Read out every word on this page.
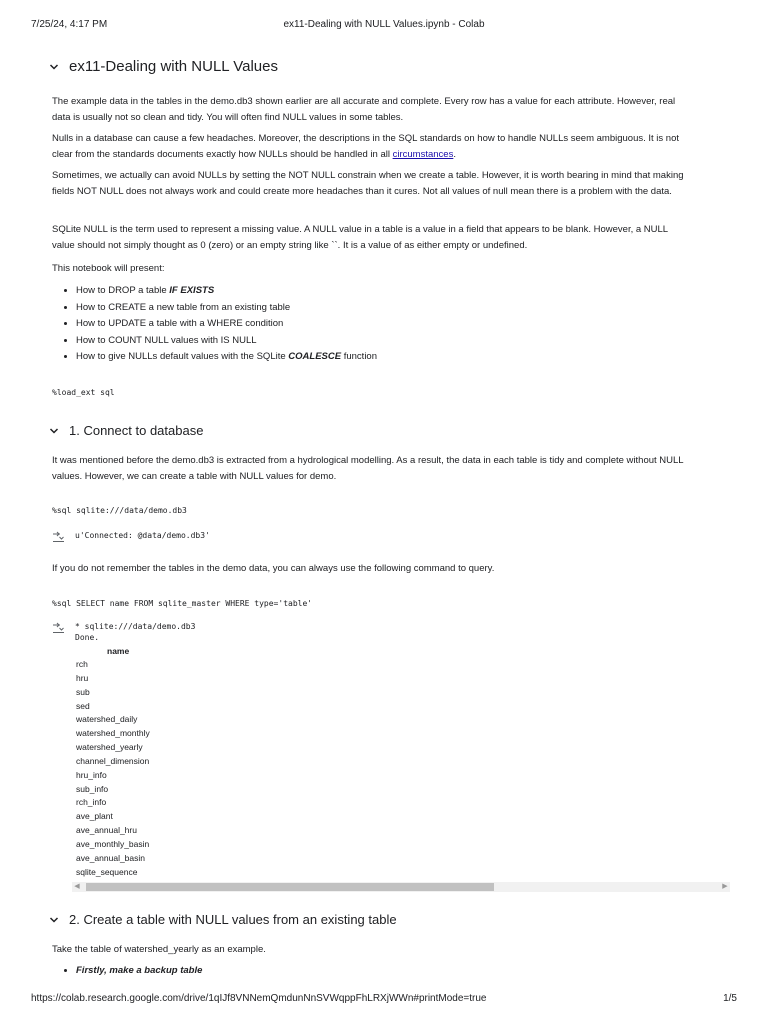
7/25/24, 4:17 PM	ex11-Dealing with NULL Values.ipynb - Colab
ex11-Dealing with NULL Values

The example data in the tables in the demo.db3 shown earlier are all accurate and complete. Every row has a value for each attribute. However, real data is usually not so clean and tidy. You will often find NULL values in some tables.

Nulls in a database can cause a few headaches. Moreover, the descriptions in the SQL standards on how to handle NULLs seem ambiguous. It is not clear from the standards documents exactly how NULLs should be handled in all circumstances.

Sometimes, we actually can avoid NULLs by setting the NOT NULL constrain when we create a table. However, it is worth bearing in mind that making fields NOT NULL does not always work and could create more headaches than it cures. Not all values of null mean there is a problem with the data.

SQLite NULL is the term used to represent a missing value. A NULL value in a table is a value in a field that appears to be blank. However, a NULL value should not simply thought as 0 (zero) or an empty string like ``. It is a value of as either empty or undefined.

This notebook will present:

• How to DROP a table IF EXISTS
• How to CREATE a new table from an existing table
• How to UPDATE a table with a WHERE condition
• How to COUNT NULL values with IS NULL
• How to give NULLs default values with the SQLite COALESCE function
%load_ext sql
1. Connect to database

It was mentioned before the demo.db3 is extracted from a hydrological modelling. As a result, the data in each table is tidy and complete without NULL values. However, we can create a table with NULL values for demo.

%sql sqlite:///data/demo.db3
u'Connected: @data/demo.db3'

If you do not remember the tables in the demo data, you can always use the following command to query.

%sql SELECT name FROM sqlite_master WHERE type='table'
* sqlite:///data/demo.db3
Done.
name
rch
hru
sub
sed
watershed_daily
watershed_monthly
watershed_yearly
channel_dimension
hru_info
sub_info
rch_info
ave_plant
ave_annual_hru
ave_monthly_basin
ave_annual_basin
sqlite_sequence
◀	▶
2. Create a table with NULL values from an existing table

Take the table of watershed_yearly as an example.

• Firstly, make a backup table
https://colab.research.google.com/drive/1qIJf8VNNemQmdunNnSVWqppFhLRXjWWn#printMode=true	1/5
